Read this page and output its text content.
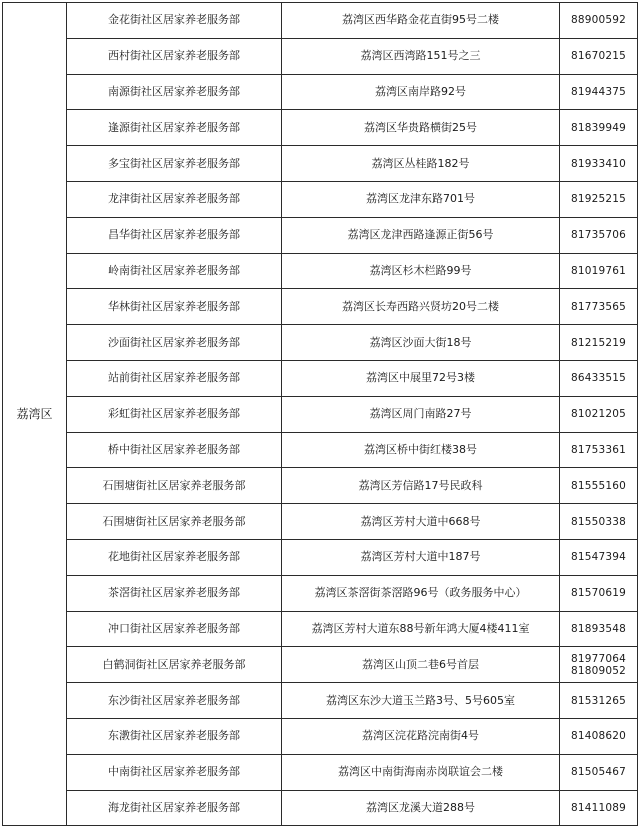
荔湾区	金花街社区居家养老服务部	荔湾区西华路金花直街95号二楼	88900592

	西村街社区居家养老服务部	荔湾区西湾路151号之三	81670215

	南源街社区居家养老服务部	荔湾区南岸路92号	81944375

	逢源街社区居家养老服务部	荔湾区华贵路横街25号	81839949

	多宝街社区居家养老服务部	荔湾区丛桂路182号	81933410

	龙津街社区居家养老服务部	荔湾区龙津东路701号	81925215

	昌华街社区居家养老服务部	荔湾区龙津西路逢源正街56号	81735706

	岭南街社区居家养老服务部	荔湾区杉木栏路99号	81019761

	华林街社区居家养老服务部	荔湾区长寿西路兴贤坊20号二楼	81773565

	沙面街社区居家养老服务部	荔湾区沙面大街18号	81215219

	站前街社区居家养老服务部	荔湾区中展里72号3楼	86433515

	彩虹街社区居家养老服务部	荔湾区周门南路27号	81021205

	桥中街社区居家养老服务部	荔湾区桥中街红楼38号	81753361

	石围塘街社区居家养老服务部	荔湾区芳信路17号民政科	81555160

	石围塘街社区居家养老服务部	荔湾区芳村大道中668号	81550338

	花地街社区居家养老服务部	荔湾区芳村大道中187号	81547394

	茶滘街社区居家养老服务部	荔湾区茶滘街茶滘路96号（政务服务中心）	81570619

	冲口街社区居家养老服务部	荔湾区芳村大道东88号新年鸿大厦4楼411室	81893548

	白鹤洞街社区居家养老服务部	荔湾区山顶二巷6号首层	81977064
81809052

	东沙街社区居家养老服务部	荔湾区东沙大道玉兰路3号、5号605室	81531265

	东漖街社区居家养老服务部	荔湾区浣花路浣南街4号	81408620

	中南街社区居家养老服务部	荔湾区中南街海南赤岗联谊会二楼	81505467

	海龙街社区居家养老服务部	荔湾区龙溪大道288号	81411089
